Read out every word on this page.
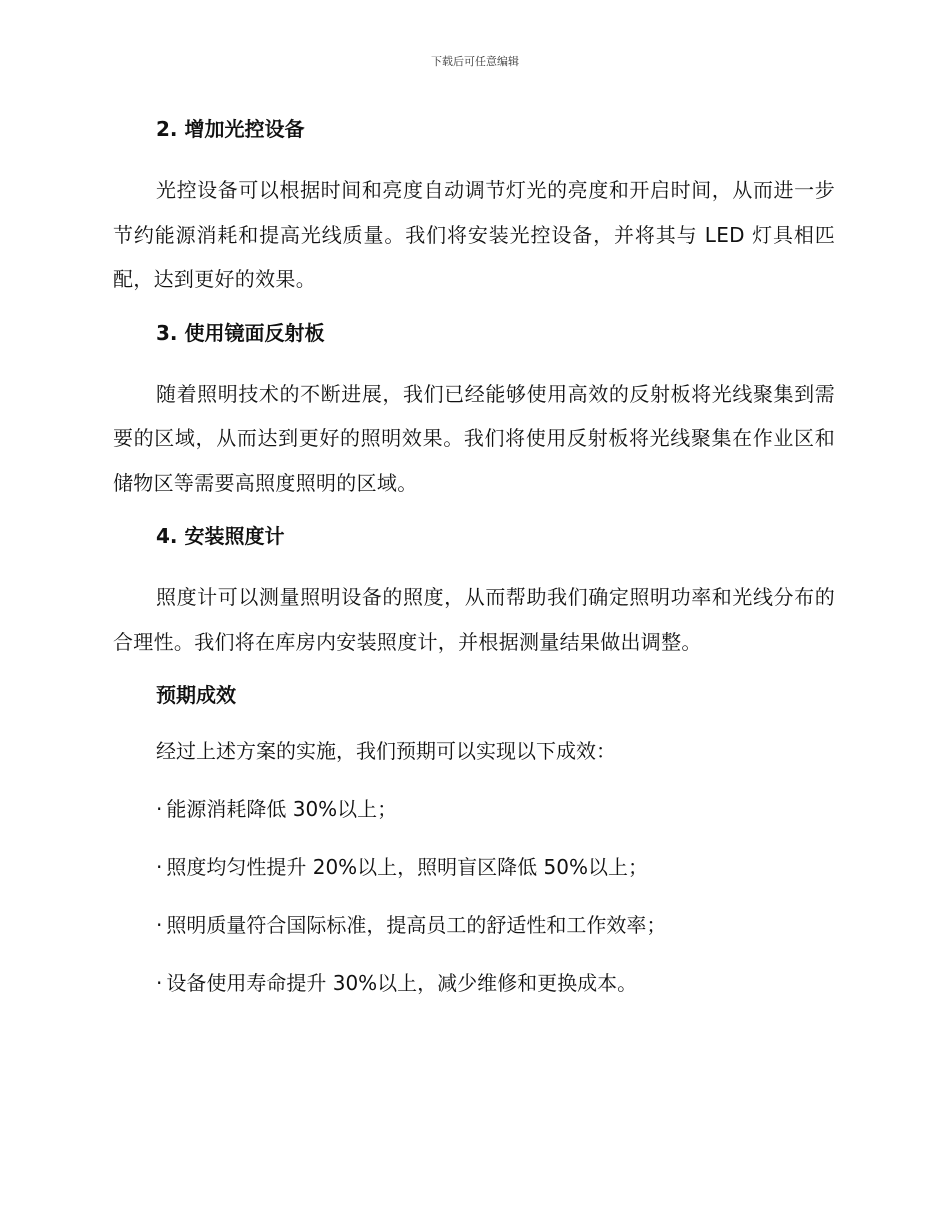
下载后可任意编辑
2. 增加光控设备

光控设备可以根据时间和亮度自动调节灯光的亮度和开启时间，从而进一步节约能源消耗和提高光线质量。我们将安装光控设备，并将其与 LED 灯具相匹配，达到更好的效果。

3. 使用镜面反射板

随着照明技术的不断进展，我们已经能够使用高效的反射板将光线聚集到需要的区域，从而达到更好的照明效果。我们将使用反射板将光线聚集在作业区和储物区等需要高照度照明的区域。

4. 安装照度计

照度计可以测量照明设备的照度，从而帮助我们确定照明功率和光线分布的合理性。我们将在库房内安装照度计，并根据测量结果做出调整。

预期成效
经过上述方案的实施，我们预期可以实现以下成效：
· 能源消耗降低 30%以上；
· 照度均匀性提升 20%以上，照明盲区降低 50%以上；
· 照明质量符合国际标准，提高员工的舒适性和工作效率；
· 设备使用寿命提升 30%以上，减少维修和更换成本。
